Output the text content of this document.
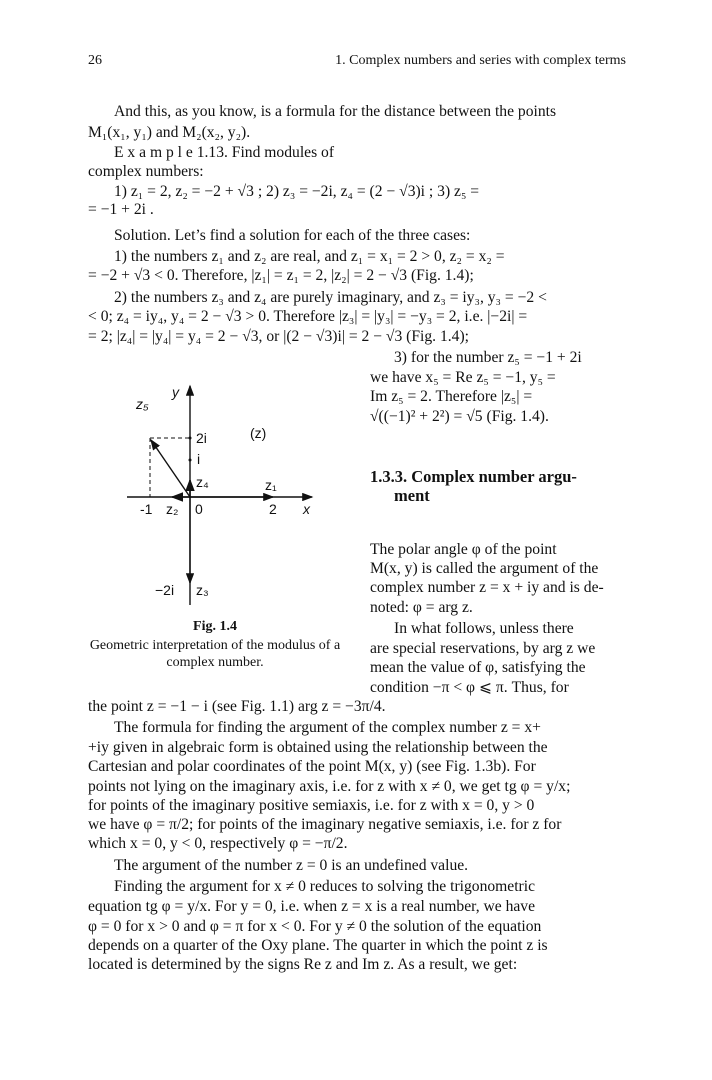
26	1. Complex numbers and series with complex terms
And this, as you know, is a formula for the distance between the points
M₁(x₁, y₁) and M₂(x₂, y₂).
E x a m p l e 1.13. Find modules of
complex numbers:
1) z₁ = 2, z₂ = −2 + √3 ; 2) z₃ = −2i, z₄ = (2 − √3)i ; 3) z₅ =
= −1 + 2i .
Solution. Let’s find a solution for each of the three cases:
1) the numbers z₁ and z₂ are real, and z₁ = x₁ = 2 > 0, z₂ = x₂ =
= −2 + √3 < 0. Therefore, |z₁| = z₁ = 2, |z₂| = 2 − √3 (Fig. 1.4);
2) the numbers z₃ and z₄ are purely imaginary, and z₃ = iy₃, y₃ = −2 <
< 0; z₄ = iy₄, y₄ = 2 − √3 > 0. Therefore |z₃| = |y₃| = −y₃ = 2, i.e. |−2i| =
= 2; |z₄| = |y₄| = y₄ = 2 − √3, or |(2 − √3)i| = 2 − √3 (Fig. 1.4);
3) for the number z₅ = −1 + 2i
we have x₅ = Re z₅ = −1, y₅ =
Im z₅ = 2. Therefore |z₅| =
√((−1)² + 2²) = √5 (Fig. 1.4).
1.3.3. Complex number argu-
ment
The polar angle φ of the point
M(x, y) is called the argument of the
complex number z = x + iy and is de-
noted: φ = arg z.
In what follows, unless there
are special reservations, by arg z we
mean the value of φ, satisfying the
condition −π < φ ⩽ π. Thus, for
the point z = −1 − i (see Fig. 1.1) arg z = −3π/4.
The formula for finding the argument of the complex number z = x+
+iy given in algebraic form is obtained using the relationship between the
Cartesian and polar coordinates of the point M(x, y) (see Fig. 1.3b). For
points not lying on the imaginary axis, i.e. for z with x ≠ 0, we get tg φ = y/x;
for points of the imaginary positive semiaxis, i.e. for z with x = 0, y > 0
we have φ = π/2; for points of the imaginary negative semiaxis, i.e. for z for
which x = 0, y < 0, respectively φ = −π/2.
The argument of the number z = 0 is an undefined value.
Finding the argument for x ≠ 0 reduces to solving the trigonometric
equation tg φ = y/x. For y = 0, i.e. when z = x is a real number, we have
φ = 0 for x > 0 and φ = π for x < 0. For y ≠ 0 the solution of the equation
depends on a quarter of the Oxy plane. The quarter in which the point z is
located is determined by the signs Re z and Im z. As a result, we get:
y
z₅
2i	(z)
i
z₄	z₁
-1 z₂ 0	2 x
−2i z₃
Fig. 1.4
Geometric interpretation of the modulus of a complex number.
